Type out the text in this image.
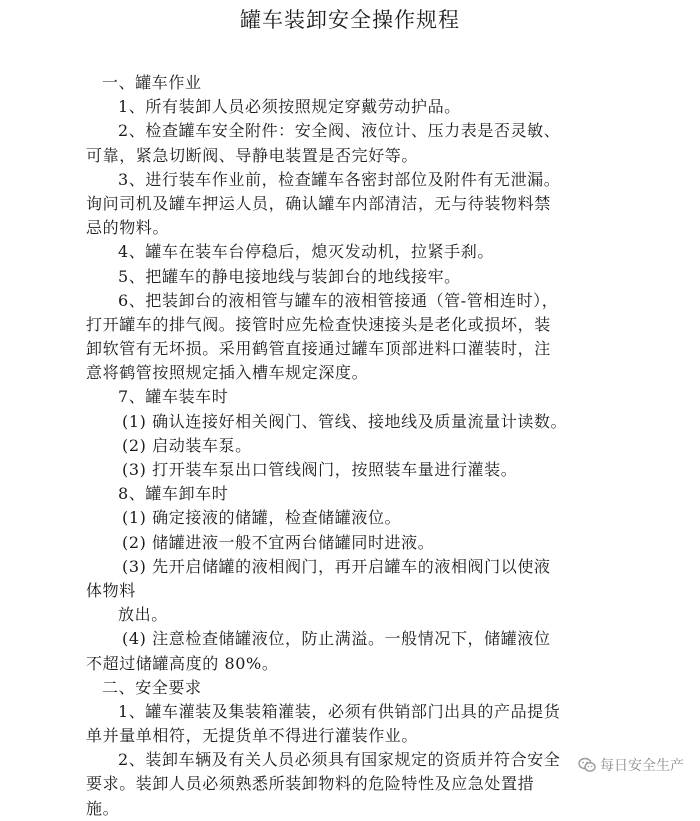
罐车装卸安全操作规程
一、罐车作业
1、所有装卸人员必须按照规定穿戴劳动护品。
2、检查罐车安全附件：安全阀、液位计、压力表是否灵敏、
可靠，紧急切断阀、导静电装置是否完好等。
3、进行装车作业前，检查罐车各密封部位及附件有无泄漏。
询问司机及罐车押运人员，确认罐车内部清洁，无与待装物料禁
忌的物料。
4、罐车在装车台停稳后，熄灭发动机，拉紧手刹。
5、把罐车的静电接地线与装卸台的地线接牢。
6、把装卸台的液相管与罐车的液相管接通（管-管相连时），
打开罐车的排气阀。接管时应先检查快速接头是老化或损坏，装
卸软管有无坏损。采用鹤管直接通过罐车顶部进料口灌装时，注
意将鹤管按照规定插入槽车规定深度。
7、罐车装车时
(1) 确认连接好相关阀门、管线、接地线及质量流量计读数。
(2) 启动装车泵。
(3) 打开装车泵出口管线阀门，按照装车量进行灌装。
8、罐车卸车时
(1) 确定接液的储罐，检查储罐液位。
(2) 储罐进液一般不宜两台储罐同时进液。
(3) 先开启储罐的液相阀门，再开启罐车的液相阀门以使液
体物料
放出。
(4) 注意检查储罐液位，防止满溢。一般情况下，储罐液位
不超过储罐高度的 80%。
二、安全要求
1、罐车灌装及集装箱灌装，必须有供销部门出具的产品提货
单并量单相符，无提货单不得进行灌装作业。
2、装卸车辆及有关人员必须具有国家规定的资质并符合安全
要求。装卸人员必须熟悉所装卸物料的危险特性及应急处置措
施。
每日安全生产
